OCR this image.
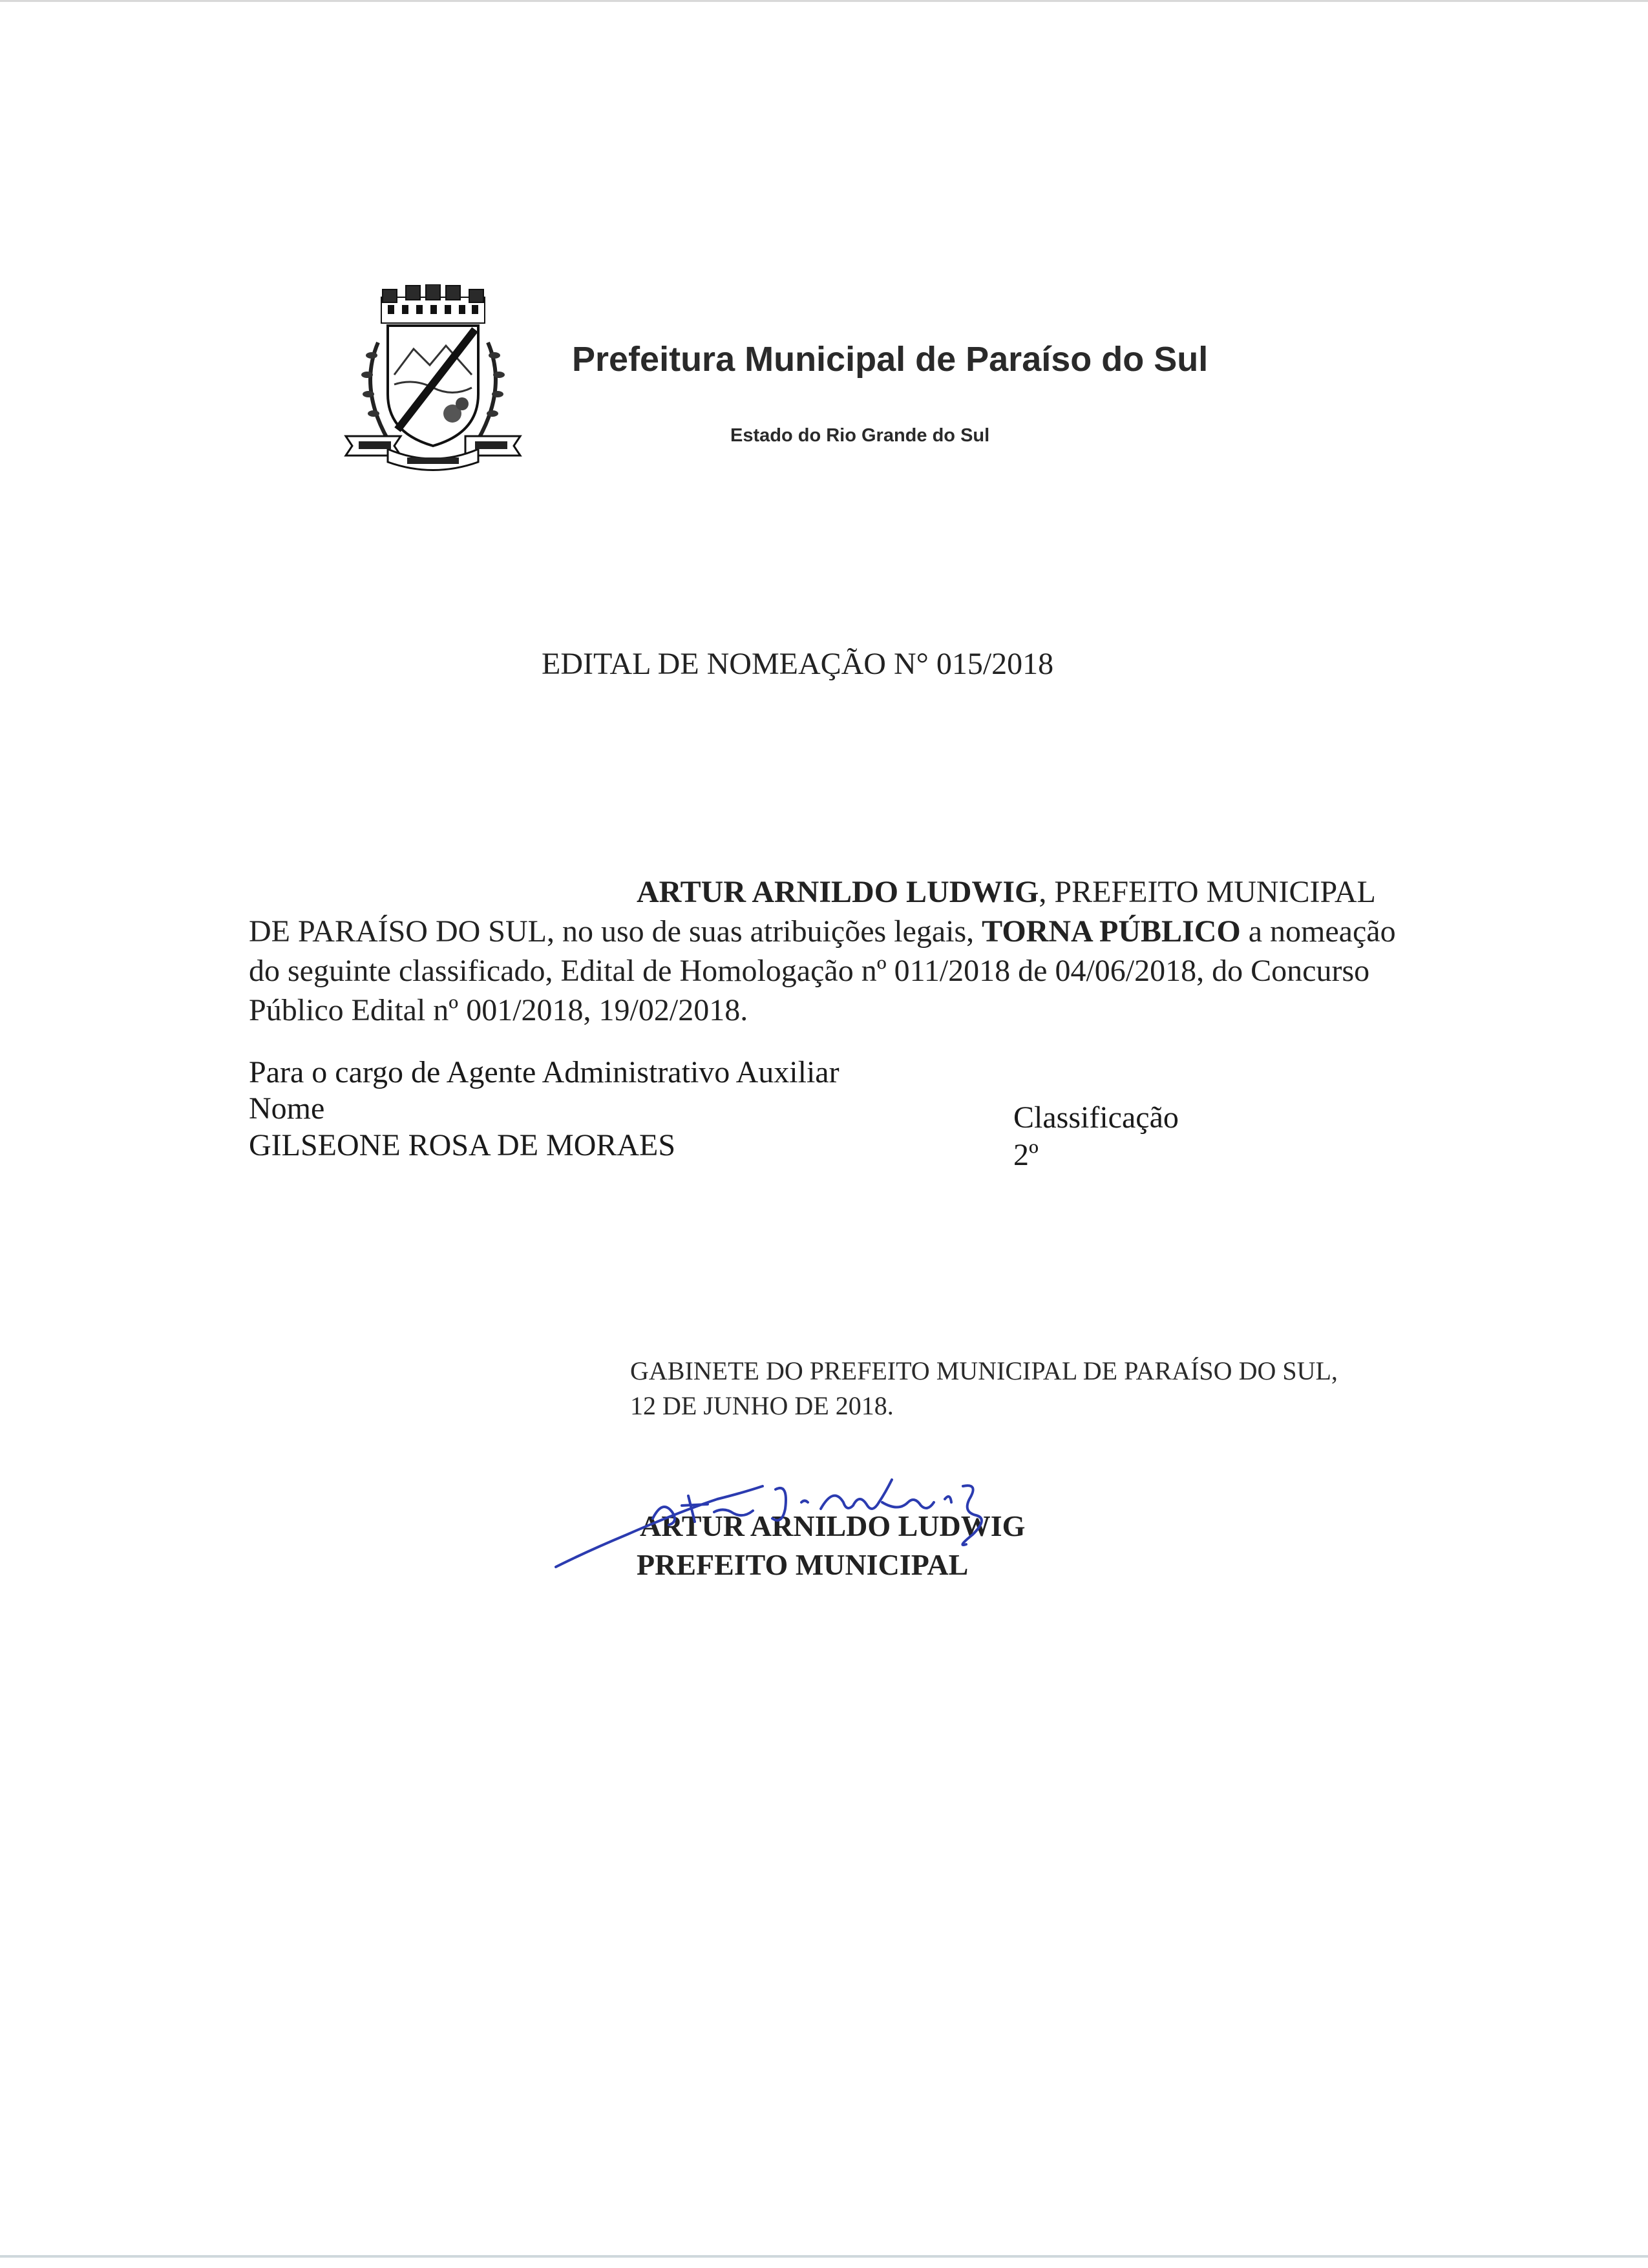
Prefeitura Municipal de Paraíso do Sul
Estado do Rio Grande do Sul
EDITAL DE NOMEAÇÃO N° 015/2018

ARTUR ARNILDO LUDWIG, PREFEITO MUNICIPAL DE PARAÍSO DO SUL, no uso de suas atribuições legais, TORNA PÚBLICO a nomeação do seguinte classificado, Edital de Homologação nº 011/2018 de 04/06/2018, do Concurso Público Edital nº 001/2018, 19/02/2018.

Para o cargo de Agente Administrativo Auxiliar
Nome
GILSEONE ROSA DE MORAES
Classificação
2º
GABINETE DO PREFEITO MUNICIPAL DE PARAÍSO DO SUL,
12 DE JUNHO DE 2018.
ARTUR ARNILDO LUDWIG
PREFEITO MUNICIPAL
